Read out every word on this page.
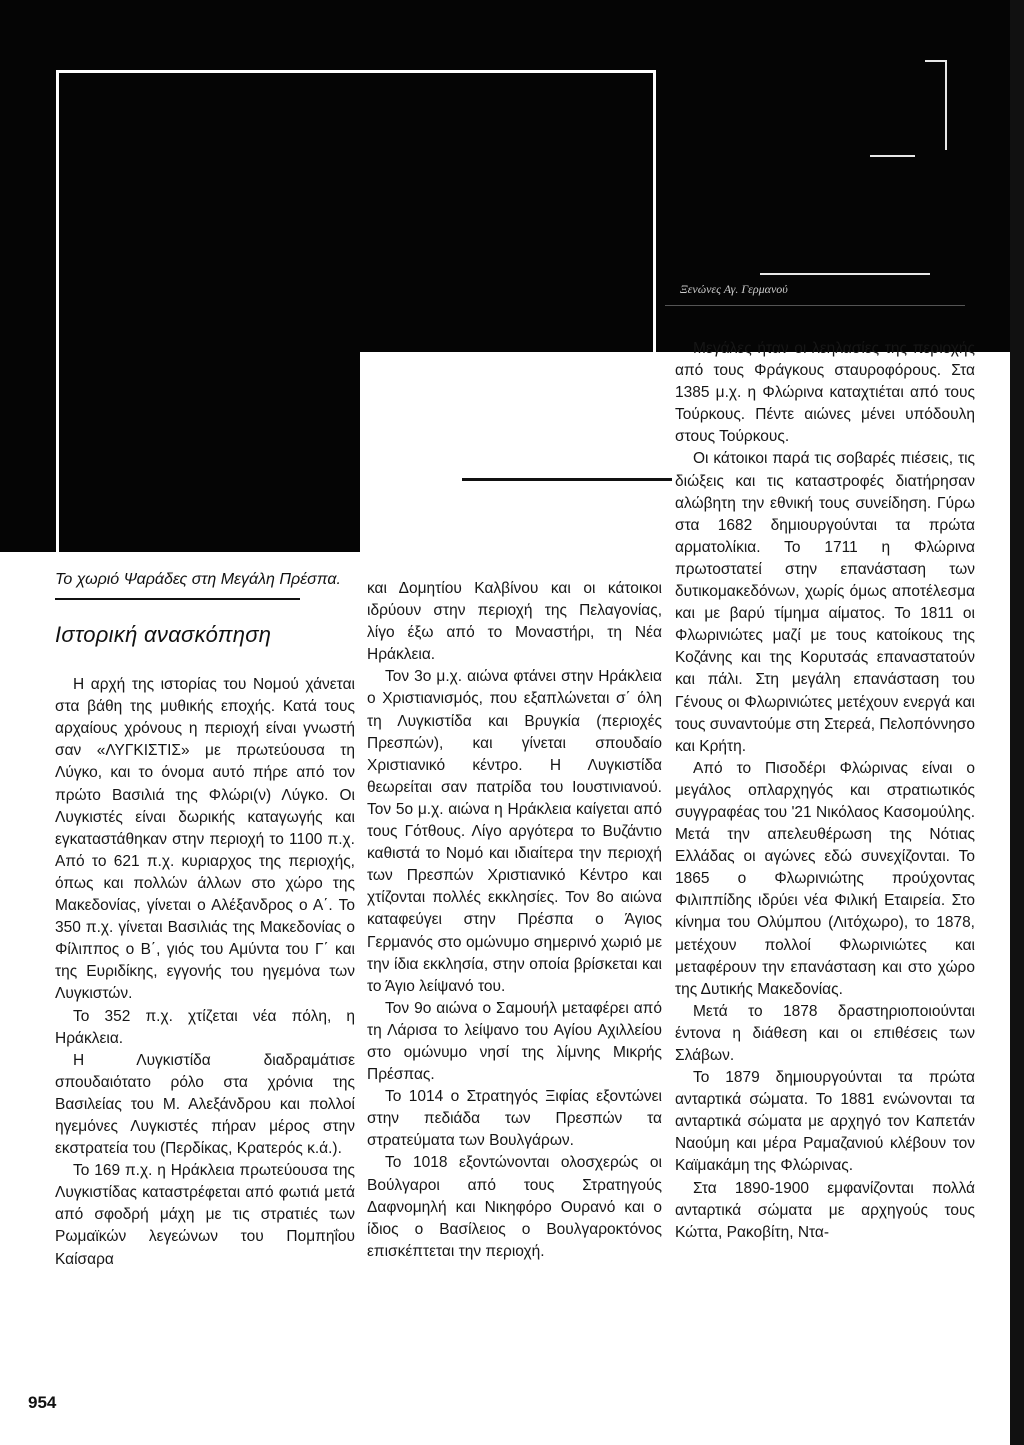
Ξενώνες Αγ. Γερμανού
Το χωριό Ψαράδες στη Μεγάλη Πρέσπα.
Ιστορική ανασκόπηση

Η αρχή της ιστορίας του Νομού χάνεται στα βάθη της μυθικής εποχής. Κατά τους αρχαίους χρόνους η περιοχή είναι γνωστή σαν «ΛΥΓΚΙΣΤΙΣ» με πρωτεύουσα τη Λύγκο, και το όνομα αυτό πήρε από τον πρώτο Βασιλιά της Φλώρι(ν) Λύγκο. Οι Λυγκιστές είναι δωρικής καταγωγής και εγκαταστάθηκαν στην περιοχή το 1100 π.χ. Από το 621 π.χ. κυριαρχος της περιοχής, όπως και πολλών άλλων στο χώρο της Μακεδονίας, γίνεται ο Αλέξανδρος ο Α΄. Το 350 π.χ. γίνεται Βασιλιάς της Μακεδονίας ο Φίλιππος ο Β΄, γιός του Αμύντα του Γ΄ και της Ευριδίκης, εγγονής του ηγεμόνα των Λυγκιστών.

Το 352 π.χ. χτίζεται νέα πόλη, η Ηράκλεια.

Η Λυγκιστίδα διαδραμάτισε σπουδαιότατο ρόλο στα χρόνια της Βασιλείας του Μ. Αλεξάνδρου και πολλοί ηγεμόνες Λυγκιστές πήραν μέρος στην εκστρατεία του (Περδίκας, Κρατερός κ.ά.).

Το 169 π.χ. η Ηράκλεια πρωτεύουσα της Λυγκιστίδας καταστρέφεται από φωτιά μετά από σφοδρή μάχη με τις στρατιές των Ρωμαϊκών λεγεώνων του Πομπηΐου Καίσαρα

και Δομητίου Καλβίνου και οι κάτοικοι ιδρύουν στην περιοχή της Πελαγονίας, λίγο έξω από το Μοναστήρι, τη Νέα Ηράκλεια.

Τον 3ο μ.χ. αιώνα φτάνει στην Ηράκλεια ο Χριστιανισμός, που εξαπλώνεται σ΄ όλη τη Λυγκιστίδα και Βρυγκία (περιοχές Πρεσπών), και γίνεται σπουδαίο Χριστιανικό κέντρο. Η Λυγκιστίδα θεωρείται σαν πατρίδα του Ιουστινιανού. Τον 5ο μ.χ. αιώνα η Ηράκλεια καίγεται από τους Γότθους. Λίγο αργότερα το Βυζάντιο καθιστά το Νομό και ιδιαίτερα την περιοχή των Πρεσπών Χριστιανικό Κέντρο και χτίζονται πολλές εκκλησίες. Τον 8ο αιώνα καταφεύγει στην Πρέσπα ο Άγιος Γερμανός στο ομώνυμο σημερινό χωριό με την ίδια εκκλησία, στην οποία βρίσκεται και το Άγιο λείψανό του.

Τον 9ο αιώνα ο Σαμουήλ μεταφέρει από τη Λάρισα το λείψανο του Αγίου Αχιλλείου στο ομώνυμο νησί της λίμνης Μικρής Πρέσπας.

Το 1014 ο Στρατηγός Ξιφίας εξοντώνει στην πεδιάδα των Πρεσπών τα στρατεύματα των Βουλγάρων.

Το 1018 εξοντώνονται ολοσχερώς οι Βούλγαροι από τους Στρατηγούς Δαφνομηλή και Νικηφόρο Ουρανό και ο ίδιος ο Βασίλειος ο Βουλγαροκτόνος επισκέπτεται την περιοχή.

Μεγάλες ήταν οι λεηλασίες της περιοχής από τους Φράγκους σταυροφόρους. Στα 1385 μ.χ. η Φλώρινα καταχτιέται από τους Τούρκους. Πέντε αιώνες μένει υπόδουλη στους Τούρκους.

Οι κάτοικοι παρά τις σοβαρές πιέσεις, τις διώξεις και τις καταστροφές διατήρησαν αλώβητη την εθνική τους συνείδηση. Γύρω στα 1682 δημιουργούνται τα πρώτα αρματολίκια. Το 1711 η Φλώρινα πρωτοστατεί στην επανάσταση των δυτικομακεδόνων, χωρίς όμως αποτέλεσμα και με βαρύ τίμημα αίματος. Το 1811 οι Φλωρινιώτες μαζί με τους κατοίκους της Κοζάνης και της Κορυτσάς επαναστατούν και πάλι. Στη μεγάλη επανάσταση του Γένους οι Φλωρινιώτες μετέχουν ενεργά και τους συναντούμε στη Στερεά, Πελοπόννησο και Κρήτη.

Από το Πισοδέρι Φλώρινας είναι ο μεγάλος οπλαρχηγός και στρατιωτικός συγγραφέας του '21 Νικόλαος Κασομούλης. Μετά την απελευθέρωση της Νότιας Ελλάδας οι αγώνες εδώ συνεχίζονται. Το 1865 ο Φλωρινιώτης προύχοντας Φιλιππίδης ιδρύει νέα Φιλική Εταιρεία. Στο κίνημα του Ολύμπου (Λιτόχωρο), το 1878, μετέχουν πολλοί Φλωρινιώτες και μεταφέρουν την επανάσταση και στο χώρο της Δυτικής Μακεδονίας.

Μετά το 1878 δραστηριοποιούνται έντονα η διάθεση και οι επιθέσεις των Σλάβων.

Το 1879 δημιουργούνται τα πρώτα ανταρτικά σώματα. Το 1881 ενώνονται τα ανταρτικά σώματα με αρχηγό τον Καπετάν Ναούμη και μέρα Ραμαζανιού κλέβουν τον Καϊμακάμη της Φλώρινας.

Στα 1890-1900 εμφανίζονται πολλά ανταρτικά σώματα με αρχηγούς τους Κώττα, Ρακοβίτη, Ντα-

954
